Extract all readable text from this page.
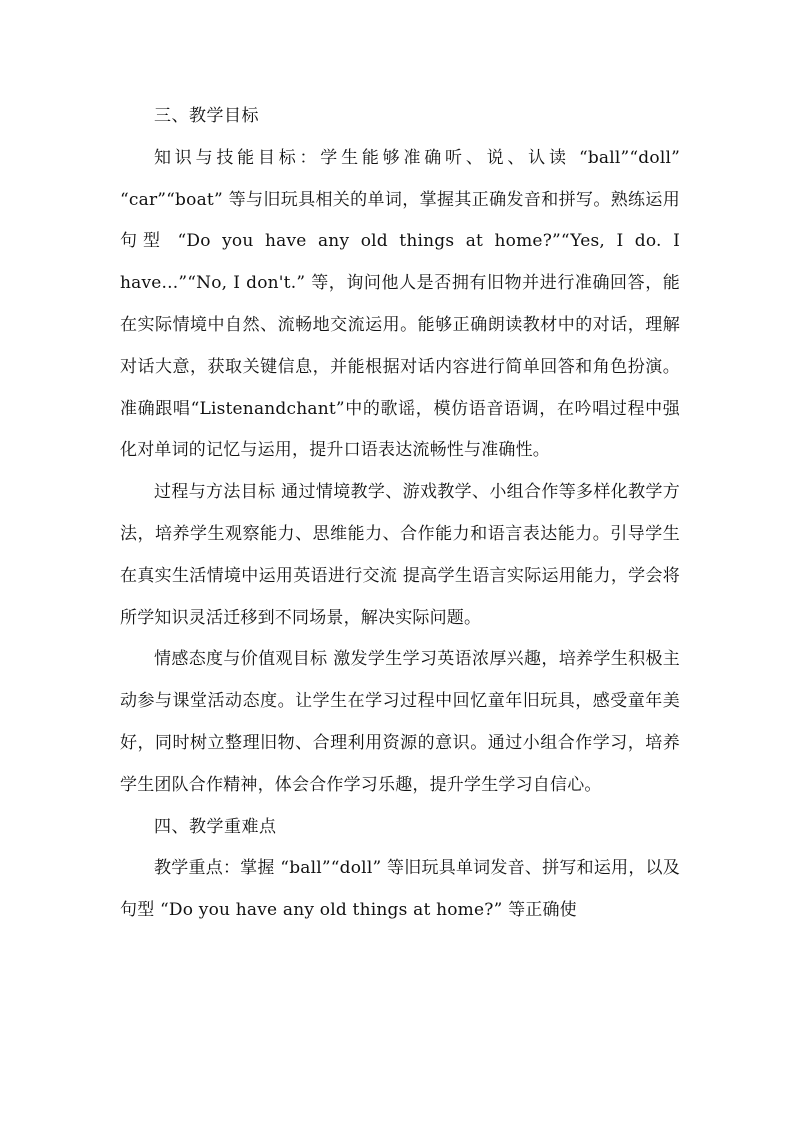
三、教学目标

知识与技能目标：学生能够准确听、说、认读 “ball”“doll” “car”“boat” 等与旧玩具相关的单词，掌握其正确发音和拼写。熟练运用句型 “Do you have any old things at home?”“Yes, I do. I have...”“No, I don't.” 等，询问他人是否拥有旧物并进行准确回答，能在实际情境中自然、流畅地交流运用。能够正确朗读教材中的对话，理解对话大意，获取关键信息，并能根据对话内容进行简单回答和角色扮演。准确跟唱“Listenandchant”中的歌谣，模仿语音语调，在吟唱过程中强化对单词的记忆与运用，提升口语表达流畅性与准确性。

过程与方法目标 通过情境教学、游戏教学、小组合作等多样化教学方法，培养学生观察能力、思维能力、合作能力和语言表达能力。引导学生在真实生活情境中运用英语进行交流 提高学生语言实际运用能力，学会将所学知识灵活迁移到不同场景，解决实际问题。

情感态度与价值观目标 激发学生学习英语浓厚兴趣，培养学生积极主动参与课堂活动态度。让学生在学习过程中回忆童年旧玩具，感受童年美好，同时树立整理旧物、合理利用资源的意识。通过小组合作学习，培养学生团队合作精神，体会合作学习乐趣，提升学生学习自信心。

四、教学重难点

教学重点：掌握 “ball”“doll” 等旧玩具单词发音、拼写和运用，以及句型 “Do you have any old things at home?” 等正确使
